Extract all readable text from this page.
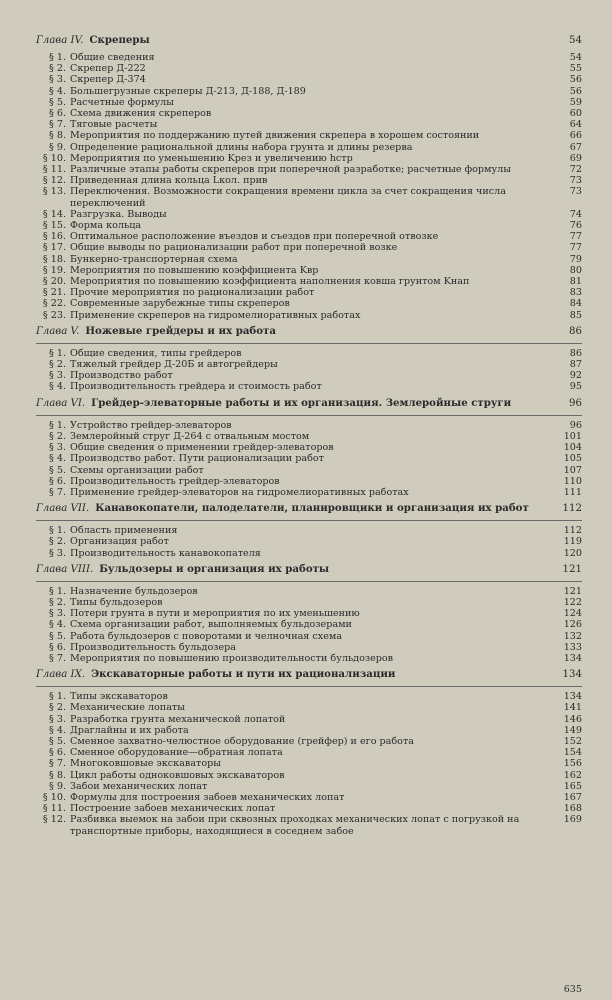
Глава IV. Скреперы	54
§ 1. Общие сведения	54
§ 2. Скрепер Д-222	55
§ 3. Скрепер Д-374	56
§ 4. Большегрузные скреперы Д-213, Д-188, Д-189	56
§ 5. Расчетные формулы	59
§ 6. Схема движения скреперов	60
§ 7. Тяговые расчеты	64
§ 8. Мероприятия по поддержанию путей движения скрепера в хорошем состоянии	66
§ 9. Определение рациональной длины набора грунта и длины резерва	67
§ 10. Мероприятия по уменьшению Kрез и увеличению hстр	69
§ 11. Различные этапы работы скреперов при поперечной разработке; расчетные формулы	72
§ 12. Приведенная длина кольца Lкол. прив	73
§ 13. Переключения. Возможности сокращения времени цикла за счет сокращения числа переключений
73
§ 14. Разгрузка. Выводы	74
§ 15. Форма кольца	76
§ 16. Оптимальное расположение въездов и съездов при поперечной отвозке	77
§ 17. Общие выводы по рационализации работ при поперечной возке	77
§ 18. Бункерно-транспортерная схема	79
§ 19. Мероприятия по повышению коэффициента Kвр	80
§ 20. Мероприятия по повышению коэффициента наполнения ковша грунтом Kнап	81
§ 21. Прочие мероприятия по рационализации работ	83
§ 22. Современные зарубежные типы скреперов	84
§ 23. Применение скреперов на гидромелиоративных работах	85
Глава V. Ножевые грейдеры и их работа	86
§ 1. Общие сведения, типы грейдеров	86
§ 2. Тяжелый грейдер Д-20Б и автогрейдеры	87
§ 3. Производство работ	92
§ 4. Производительность грейдера и стоимость работ	95
Глава VI. Грейдер-элеваторные работы и их организация. Землеройные струги	96
§ 1. Устройство грейдер-элеваторов	96
§ 2. Землеройный струг Д-264 с отвальным мостом	101
§ 3. Общие сведения о применении грейдер-элеваторов	104
§ 4. Производство работ. Пути рационализации работ	105
§ 5. Схемы организации работ	107
§ 6. Производительность грейдер-элеваторов	110
§ 7. Применение грейдер-элеваторов на гидромелиоративных работах	111
Глава VII. Канавокопатели, палоделатели, планировщики и организация их работ	112
§ 1. Область применения	112
§ 2. Организация работ	119
§ 3. Производительность канавокопателя	120
Глава VIII. Бульдозеры и организация их работы	121
§ 1. Назначение бульдозеров	121
§ 2. Типы бульдозеров	122
§ 3. Потери грунта в пути и мероприятия по их уменьшению	124
§ 4. Схема организации работ, выполняемых бульдозерами	126
§ 5. Работа бульдозеров с поворотами и челночная схема	132
§ 6. Производительность бульдозера	133
§ 7. Мероприятия по повышению производительности бульдозеров	134
Глава IX. Экскаваторные работы и пути их рационализации	134
§ 1. Типы экскаваторов	134
§ 2. Механические лопаты	141
§ 3. Разработка грунта механической лопатой	146
§ 4. Драглайны и их работа	149
§ 5. Сменное захватно-челюстное оборудование (грейфер) и его работа	152
§ 6. Сменное оборудование—обратная лопата	154
§ 7. Многоковшовые экскаваторы	156
§ 8. Цикл работы одноковшовых экскаваторов	162
§ 9. Забои механических лопат	165
§ 10. Формулы для построения забоев механических лопат	167
§ 11. Построение забоев механических лопат	168
§ 12. Разбивка выемок на забои при сквозных проходках механических лопат с погрузкой на транспортные приборы, находящиеся в соседнем забое
169
635
